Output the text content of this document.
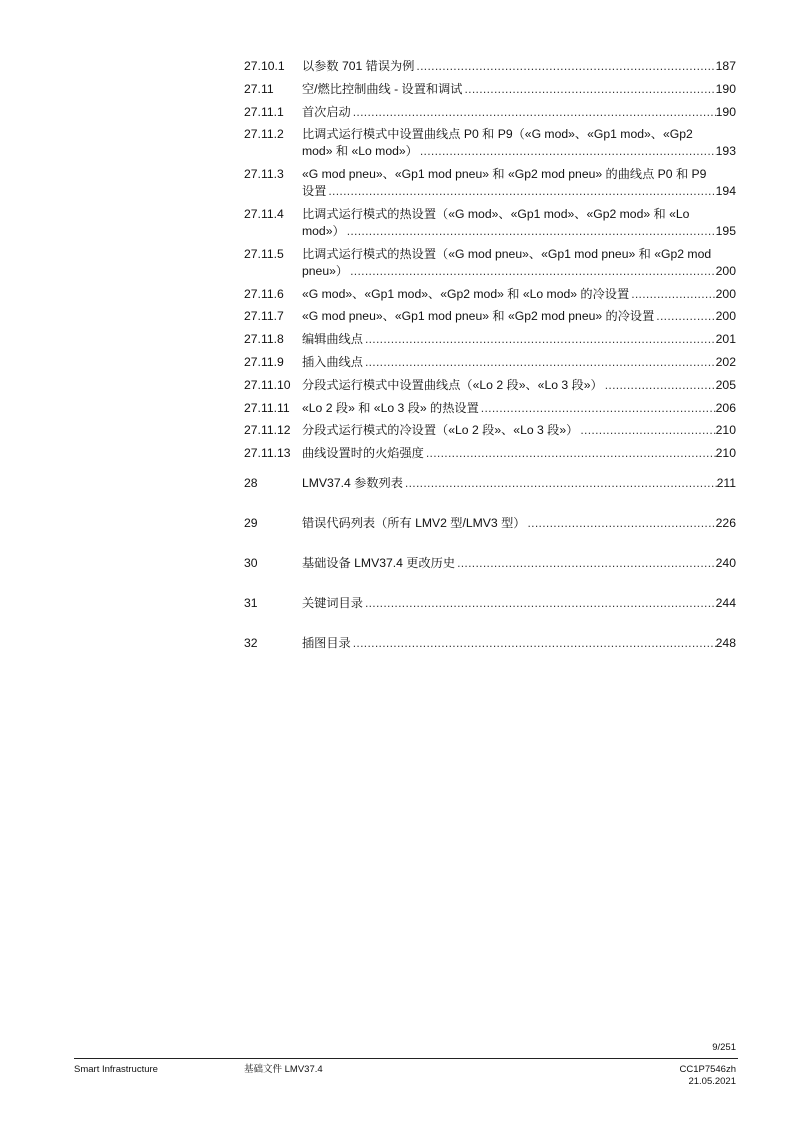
27.10.1 以参数 701 错误为例 .....	187
27.11 空/燃比控制曲线 - 设置和调试 .....	190
27.11.1 首次启动 .....	190
27.11.2 比调式运行模式中设置曲线点 P0 和 P9（«G mod»、«Gp1 mod»、«Gp2
mod» 和 «Lo mod»） .....	193
27.11.3 «G mod pneu»、«Gp1 mod pneu» 和 «Gp2 mod pneu» 的曲线点 P0 和 P9
设置 .....	194
27.11.4 比调式运行模式的热设置（«G mod»、«Gp1 mod»、«Gp2 mod» 和 «Lo
mod»） .....	195
27.11.5 比调式运行模式的热设置（«G mod pneu»、«Gp1 mod pneu» 和 «Gp2 mod
pneu»） .....	200
27.11.6 «G mod»、«Gp1 mod»、«Gp2 mod» 和 «Lo mod» 的冷设置 .....	200
27.11.7 «G mod pneu»、«Gp1 mod pneu» 和 «Gp2 mod pneu» 的冷设置 .....	200
27.11.8 编辑曲线点 .....	201
27.11.9 插入曲线点 .....	202
27.11.10 分段式运行模式中设置曲线点（«Lo 2 段»、«Lo 3 段»） .....	205
27.11.11 «Lo 2 段» 和 «Lo 3 段» 的热设置 .....	206
27.11.12 分段式运行模式的冷设置（«Lo 2 段»、«Lo 3 段»） .....	210
27.11.13 曲线设置时的火焰强度 .....	210
28	LMV37.4 参数列表 .....	211
29	错误代码列表（所有 LMV2 型/LMV3 型） .....	226
30	基础设备 LMV37.4 更改历史 .....	240
31	关键词目录 .....	244
32	插图目录 .....	248
9/251
Smart Infrastructure	基础文件 LMV37.4	CC1P7546zh
21.05.2021
